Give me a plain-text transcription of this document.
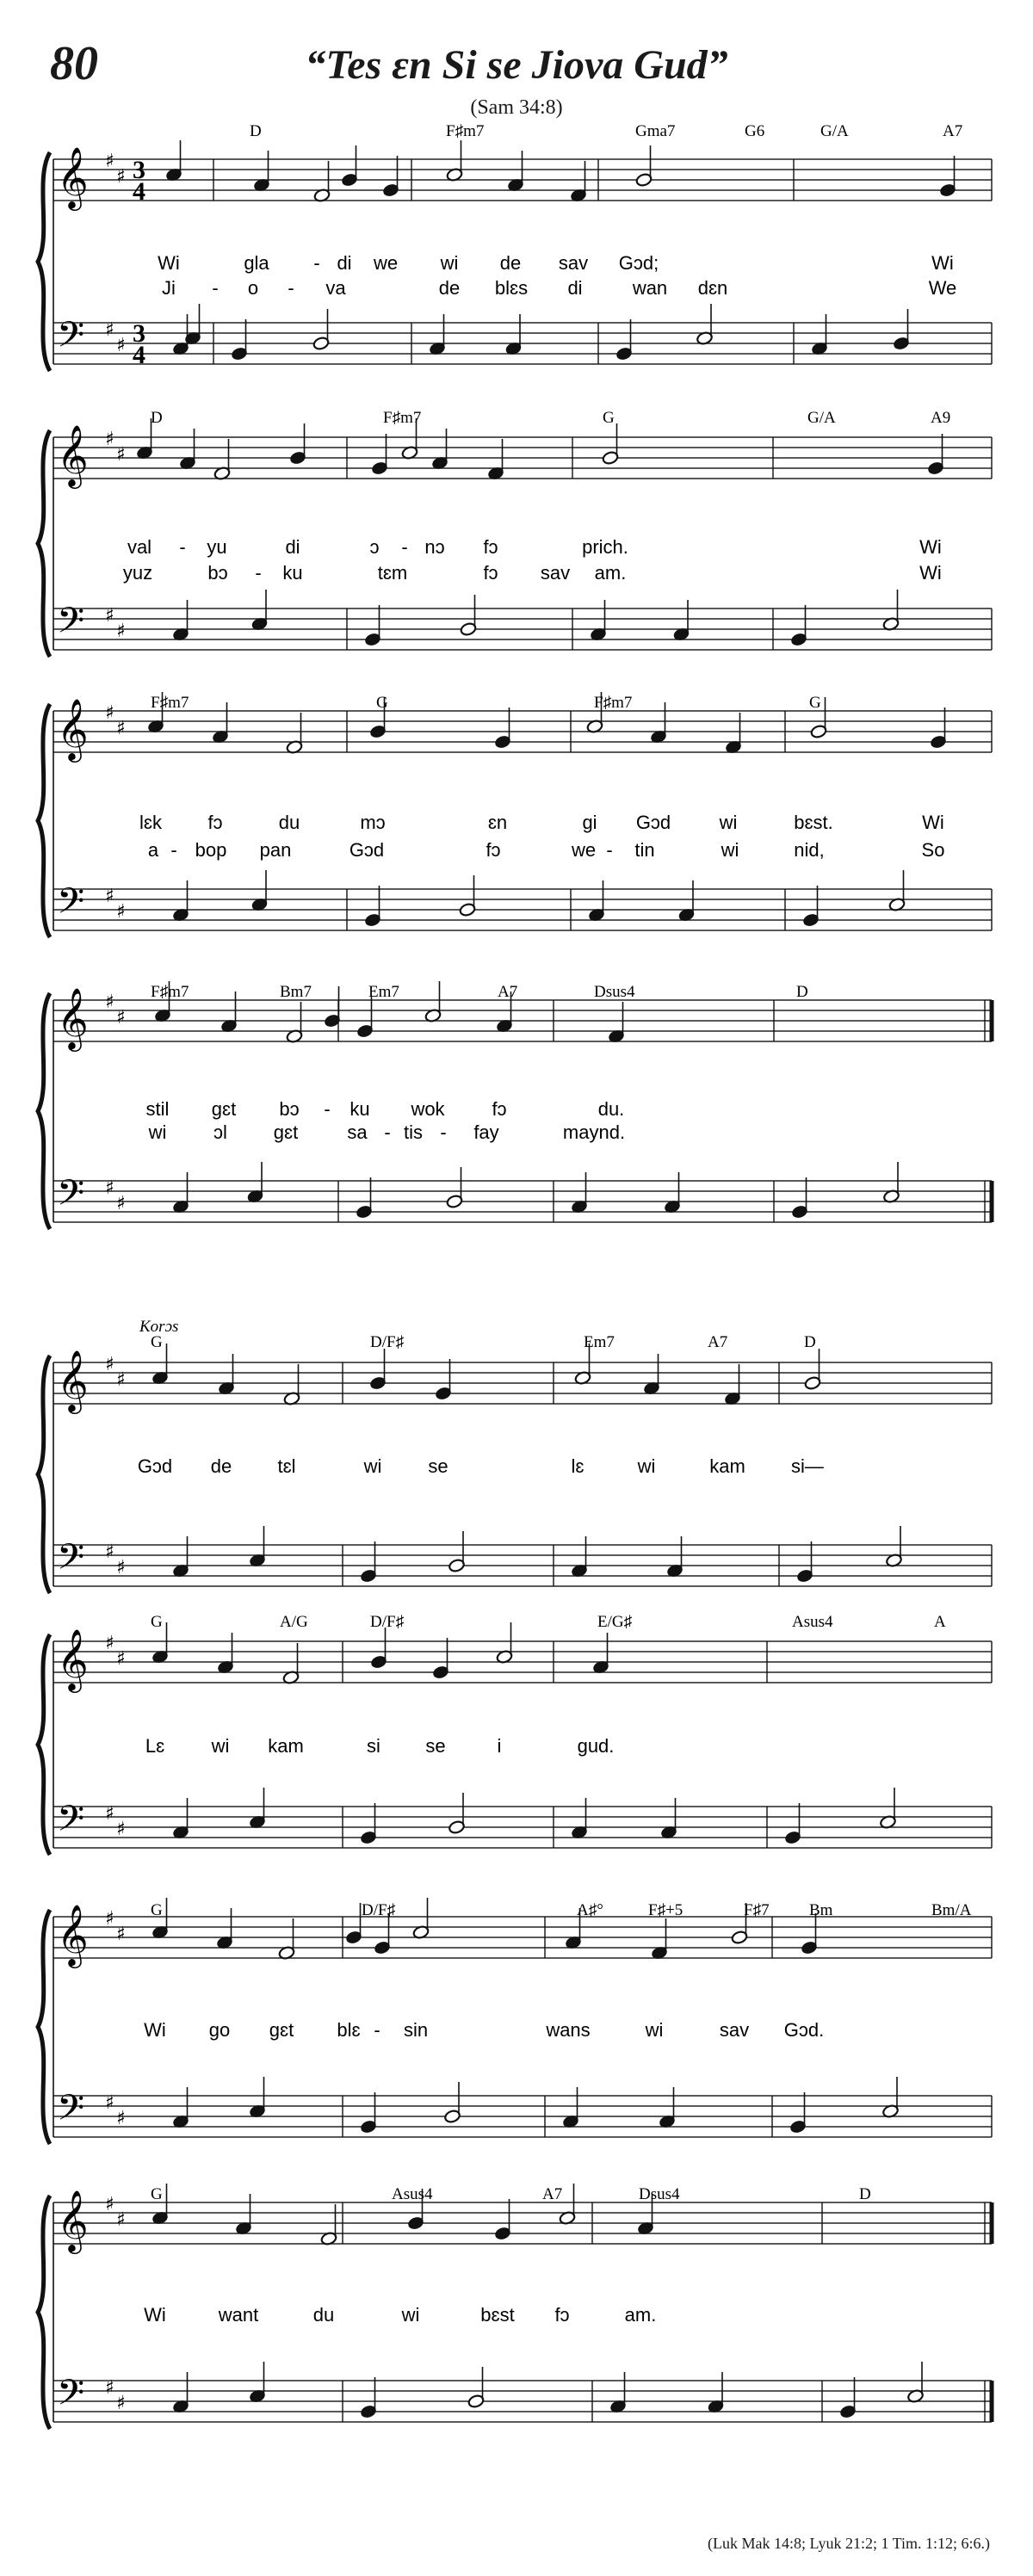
80	“Tes ɛn Si se Jiova Gud”
(Sam 34:8)
𝄞
𝄢
♯
♯
♯
♯
3
4
3
4
D	F♯m7	Gma7	G6	G/A	A7
Wi	gla - di we wi de sav Gɔd;	Wi
Ji - o - va	de blɛs di	wan dɛn	We
𝄞
𝄢
♯
♯
♯
♯
D	F♯m7	G	G/A	A9
val - yu	di	ɔ - nɔ fɔ	prich.	Wi
yuz	bɔ - ku	tɛm	fɔ sav am.	Wi
𝄞
𝄢
♯
♯
♯
♯
F♯m7	G	F♯m7	G
lɛk fɔ	du	mɔ	ɛn	gi Gɔd	wi	bɛst.	Wi
a - bop pan	Gɔd	fɔ	we - tin	wi	nid,	So
𝄞
𝄢
♯
♯
♯
♯
F♯m7	Bm7	Em7	A7	Dsus4	D
stil gɛt bɔ - ku wok fɔ	du.
wi ɔl gɛt	sa - tis - fay	maynd.
𝄞
𝄢
♯
♯
♯
♯
Korɔs
G	D/F♯	Em7	A7	D
Gɔd de tɛl	wi se	lɛ	wi	kam si—
𝄞
𝄢
♯
♯
♯
♯
G	A/G	D/F♯	E/G♯	Asus4	A
Lɛ wi kam	si se	i	gud.
𝄞
𝄢
♯
♯
♯
♯
G	D/F♯	A♯°	F♯+5	F♯7 Bm	Bm/A
Wi go gɛt blɛ - sin	wans	wi	sav Gɔd.
𝄞
𝄢
♯
♯
♯
♯
G	Asus4	A7	Dsus4	D
Wi	want	du	wi	bɛst fɔ	am.
(Luk Mak 14:8; Lyuk 21:2; 1 Tim. 1:12; 6:6.)
